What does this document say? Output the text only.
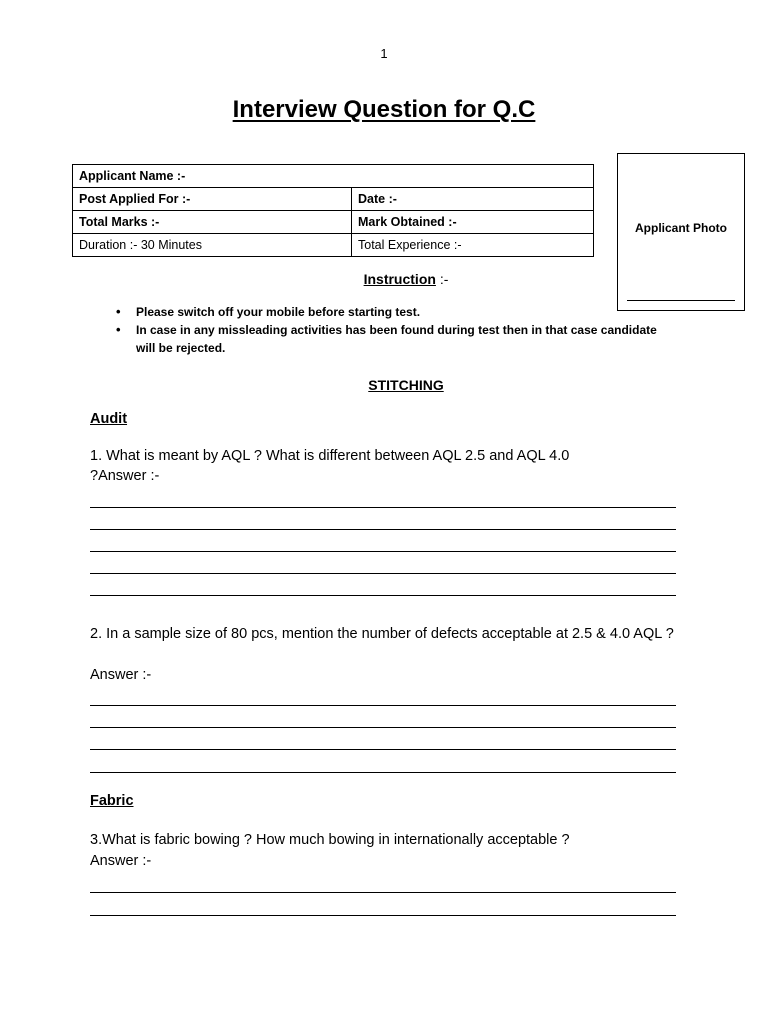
1
Interview Question for Q.C
Applicant Name :-	
Post Applied For :-	Date :-
Total Marks :-	Mark Obtained :-
Duration :- 30 Minutes	Total Experience :-
Applicant Photo
Instruction :-
• Please switch off your mobile before starting test.
• In case in any missleading activities has been found during test then in that case candidate will be rejected.
STITCHING
Audit
1. What is meant by AQL ? What is different between AQL 2.5 and AQL 4.0
?Answer :-
2. In a sample size of 80 pcs, mention the number of defects acceptable at 2.5 & 4.0 AQL ?
Answer :-
Fabric
3.What is fabric bowing ? How much bowing in internationally acceptable ?
Answer :-
